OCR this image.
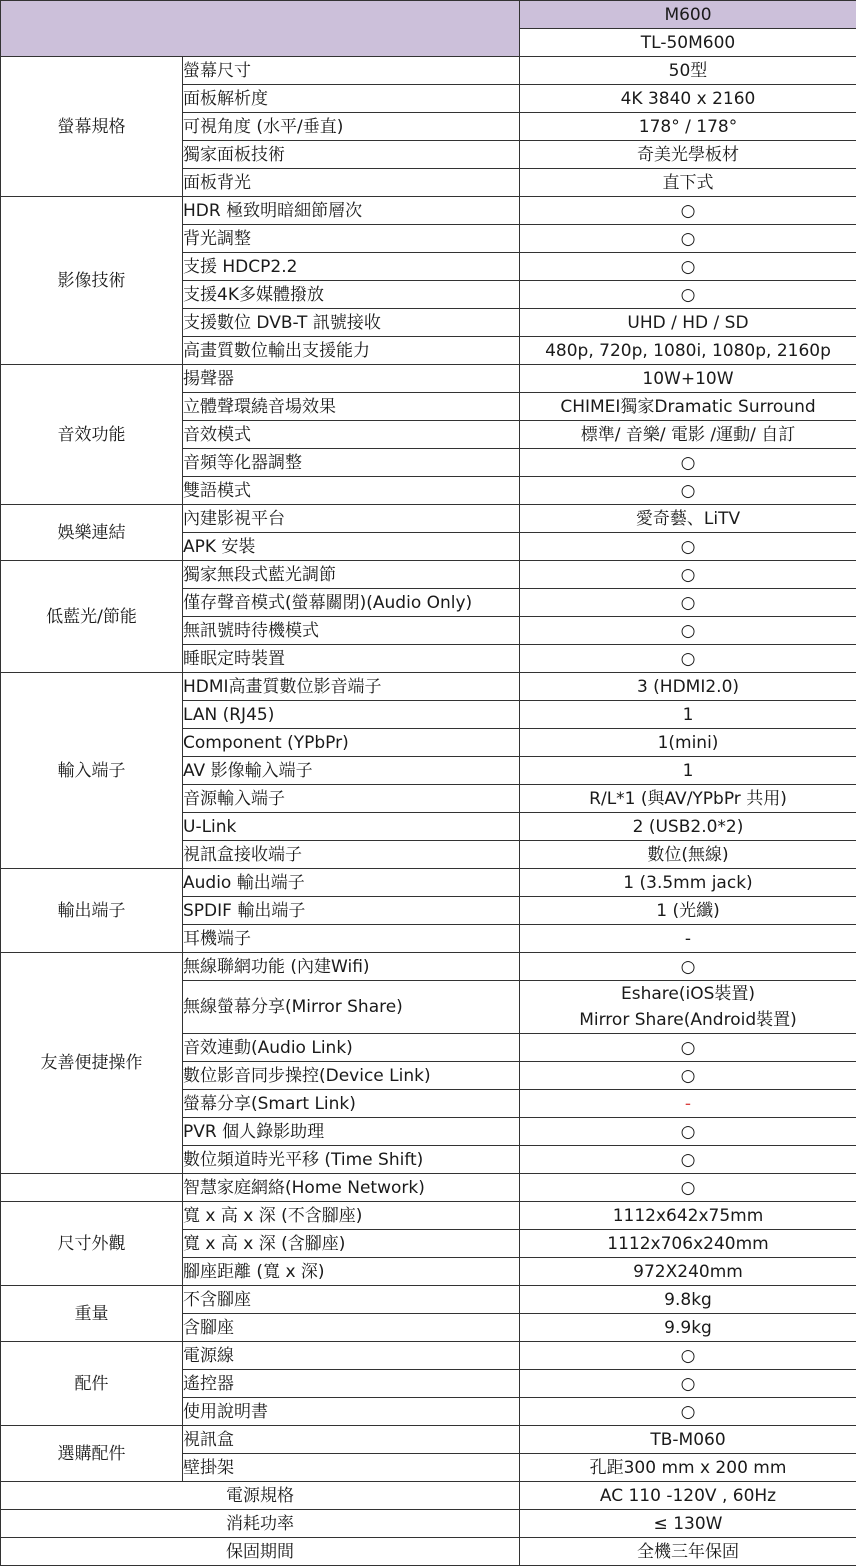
		M600
		TL-50M600
螢幕規格	螢幕尺寸	50型
	面板解析度	4K 3840 x 2160
	可視角度 (水平/垂直)	178° / 178°
	獨家面板技術	奇美光學板材
	面板背光	直下式
影像技術	HDR 極致明暗細節層次	○
	背光調整	○
	支援 HDCP2.2	○
	支援4K多媒體撥放	○
	支援數位 DVB-T 訊號接收	UHD / HD / SD
	高畫質數位輸出支援能力	480p, 720p, 1080i, 1080p, 2160p
音效功能	揚聲器	10W+10W
	立體聲環繞音場效果	CHIMEI獨家Dramatic Surround
	音效模式	標準/ 音樂/ 電影 /運動/ 自訂
	音頻等化器調整	○
	雙語模式	○
娛樂連結	內建影視平台	愛奇藝、LiTV
	APK 安裝	○
低藍光/節能	獨家無段式藍光調節	○
	僅存聲音模式(螢幕關閉)(Audio Only)	○
	無訊號時待機模式	○
	睡眠定時裝置	○
輸入端子	HDMI高畫質數位影音端子	3 (HDMI2.0)
	LAN (RJ45)	1
	Component (YPbPr)	1(mini)
	AV 影像輸入端子	1
	音源輸入端子	R/L*1 (與AV/YPbPr 共用)
	U-Link	2 (USB2.0*2)
	視訊盒接收端子	數位(無線)
輸出端子	Audio 輸出端子	1 (3.5mm jack)
	SPDIF 輸出端子	1 (光纖)
	耳機端子	-
友善便捷操作	無線聯網功能 (內建Wifi)	○
	無線螢幕分享(Mirror Share)	Eshare(iOS裝置)
Mirror Share(Android裝置)
	音效連動(Audio Link)	○
	數位影音同步操控(Device Link)	○
	螢幕分享(Smart Link)	-
	PVR 個人錄影助理	○
	數位頻道時光平移 (Time Shift)	○
	智慧家庭網絡(Home Network)	○
尺寸外觀	寬 x 高 x 深 (不含腳座)	1112x642x75mm
	寬 x 高 x 深 (含腳座)	1112x706x240mm
	腳座距離 (寬 x 深)	972X240mm
重量	不含腳座	9.8kg
	含腳座	9.9kg
配件	電源線	○
	遙控器	○
	使用說明書	○
選購配件	視訊盒	TB-M060
	壁掛架	孔距300 mm x 200 mm
電源規格		AC 110 -120V , 60Hz
消耗功率		≤ 130W
保固期間		全機三年保固
